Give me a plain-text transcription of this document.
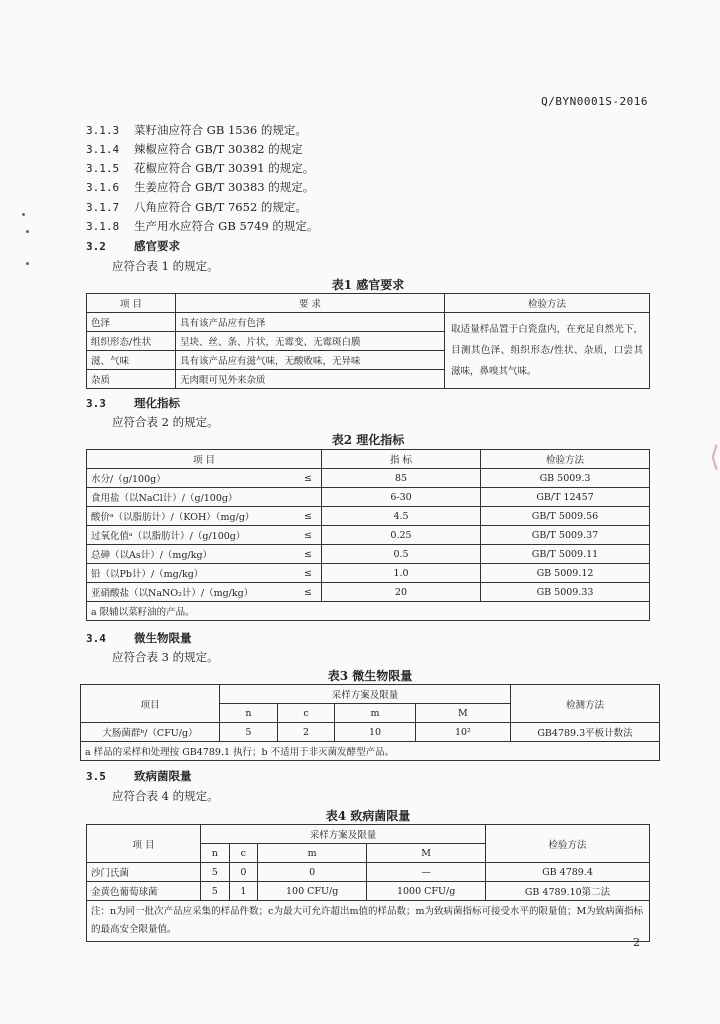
Q/BYN0001S-2016
3.1.3 菜籽油应符合 GB 1536 的规定。
3.1.4 辣椒应符合 GB/T 30382 的规定
3.1.5 花椒应符合 GB/T 30391 的规定。
3.1.6 生姜应符合 GB/T 30383 的规定。
3.1.7 八角应符合 GB/T 7652 的规定。
3.1.8 生产用水应符合 GB 5749 的规定。
3.2 感官要求
应符合表 1 的规定。
表1 感官要求
项 目	要 求	检验方法
色泽	具有该产品应有色泽	取适量样品置于白瓷盘内，在充足自然光下，目测其色泽、组织形态/性状、杂质，口尝其滋味，鼻嗅其气味。
组织形态/性状	呈块、丝、条、片状，无霉变、无霉斑白膜	
滋、气味	具有该产品应有滋气味，无酸败味，无异味	
杂质	无肉眼可见外来杂质	
3.3 理化指标
应符合表 2 的规定。
表2 理化指标
项 目		指 标	检验方法
水分/（g/100g）	≤	85	GB 5009.3
食用盐（以NaCl计）/（g/100g）		6-30	GB/T 12457
酸价ᵃ（以脂肪计）/（KOH）（mg/g）	≤	4.5	GB/T 5009.56
过氧化值ᵃ（以脂肪计）/（g/100g）	≤	0.25	GB/T 5009.37
总砷（以As计）/（mg/kg）	≤	0.5	GB/T 5009.11
铅（以Pb计）/（mg/kg）	≤	1.0	GB 5009.12
亚硝酸盐（以NaNO₂计）/（mg/kg）	≤	20	GB 5009.33
a 限辅以菜籽油的产品。			
3.4 微生物限量
应符合表 3 的规定。
表3 微生物限量
项目	采样方案及限量				检测方法
	n	c	m	M	
大肠菌群ᵇ/（CFU/g）	5	2	10	10²	GB4789.3平板计数法
a 样品的采样和处理按 GB4789.1 执行；b 不适用于非灭菌发酵型产品。					
3.5 致病菌限量
应符合表 4 的规定。
表4 致病菌限量
项 目	采样方案及限量				检验方法
	n	c	m	M	
沙门氏菌	5	0	0	—	GB 4789.4
金黄色葡萄球菌	5	1	100 CFU/g	1000 CFU/g	GB 4789.10第二法
注：n为同一批次产品应采集的样品件数；c为最大可允许超出m值的样品数；m为致病菌指标可接受水平的限量值；M为致病菌指标的最高安全限量值。					
2
⟨
